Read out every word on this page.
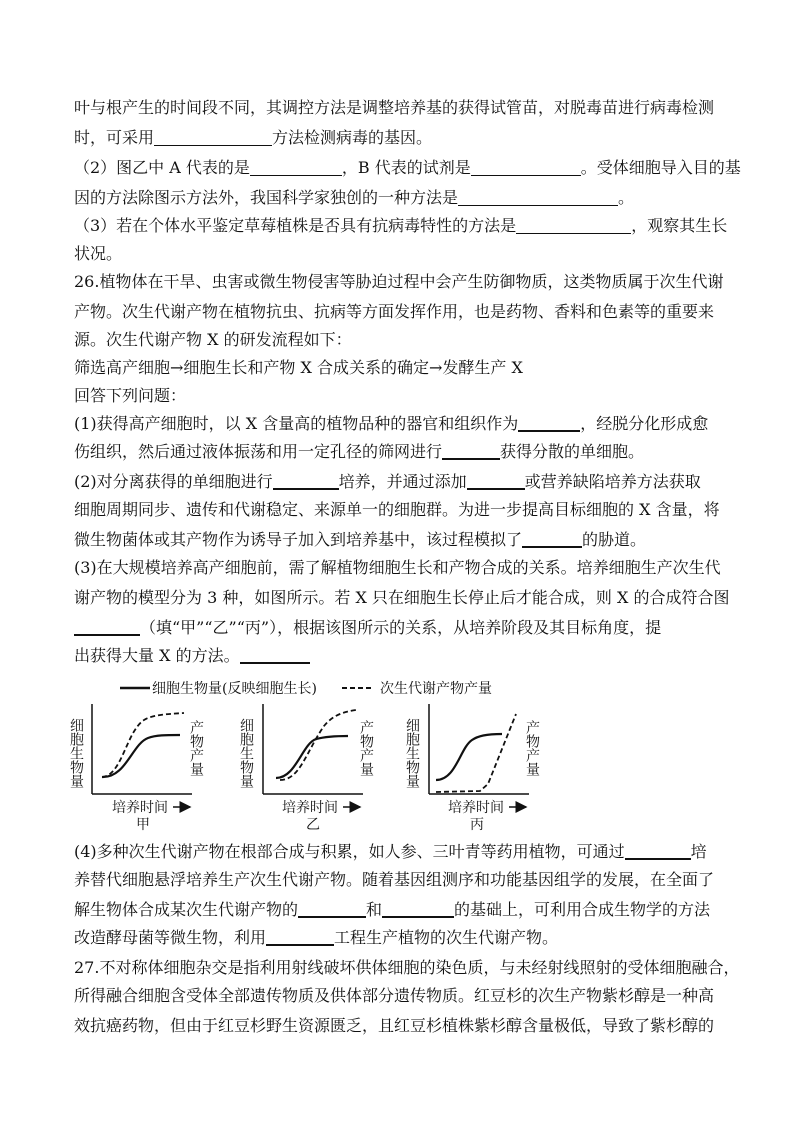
叶与根产生的时间段不同，其调控方法是调整培养基的获得试管苗，对脱毒苗进行病毒检测
时，可采用	方法检测病毒的基因。
（2）图乙中 A 代表的是	，B 代表的试剂是	。受体细胞导入目的基
因的方法除图示方法外，我国科学家独创的一种方法是	。
（3）若在个体水平鉴定草莓植株是否具有抗病毒特性的方法是	，观察其生长
状况。
26.植物体在干旱、虫害或微生物侵害等胁迫过程中会产生防御物质，这类物质属于次生代谢
产物。次生代谢产物在植物抗虫、抗病等方面发挥作用，也是药物、香料和色素等的重要来
源。次生代谢产物 X 的研发流程如下：
筛选高产细胞→细胞生长和产物 X 合成关系的确定→发酵生产 X
回答下列问题：
(1)获得高产细胞时，以 X 含量高的植物品种的器官和组织作为	，经脱分化形成愈
伤组织，然后通过液体振荡和用一定孔径的筛网进行	获得分散的单细胞。
(2)对分离获得的单细胞进行	培养，并通过添加	或营养缺陷培养方法获取
细胞周期同步、遗传和代谢稳定、来源单一的细胞群。为进一步提高目标细胞的 X 含量，将
微生物菌体或其产物作为诱导子加入到培养基中，该过程模拟了	的胁道。
(3)在大规模培养高产细胞前，需了解植物细胞生长和产物合成的关系。培养细胞生产次生代
谢产物的模型分为 3 种，如图所示。若 X 只在细胞生长停止后才能合成，则 X 的合成符合图
（填“甲”“乙”“丙”），根据该图所示的关系，从培养阶段及其目标角度，提
出获得大量 X 的方法。
细胞生物量(反映细胞生长)	次生代谢产物产量
细胞生物量	产物产量
培养时间
甲
细胞生物量	产物产量
培养时间
乙
细胞生物量	产物产量
培养时间
丙
(4)多种次生代谢产物在根部合成与积累，如人参、三叶青等药用植物，可通过	培
养替代细胞悬浮培养生产次生代谢产物。随着基因组测序和功能基因组学的发展，在全面了
解生物体合成某次生代谢产物的	和	的基础上，可利用合成生物学的方法
改造酵母菌等微生物，利用	工程生产植物的次生代谢产物。
27.不对称体细胞杂交是指利用射线破坏供体细胞的染色质，与未经射线照射的受体细胞融合，
所得融合细胞含受体全部遗传物质及供体部分遗传物质。红豆杉的次生产物紫杉醇是一种高
效抗癌药物，但由于红豆杉野生资源匮乏，且红豆杉植株紫杉醇含量极低，导致了紫杉醇的
